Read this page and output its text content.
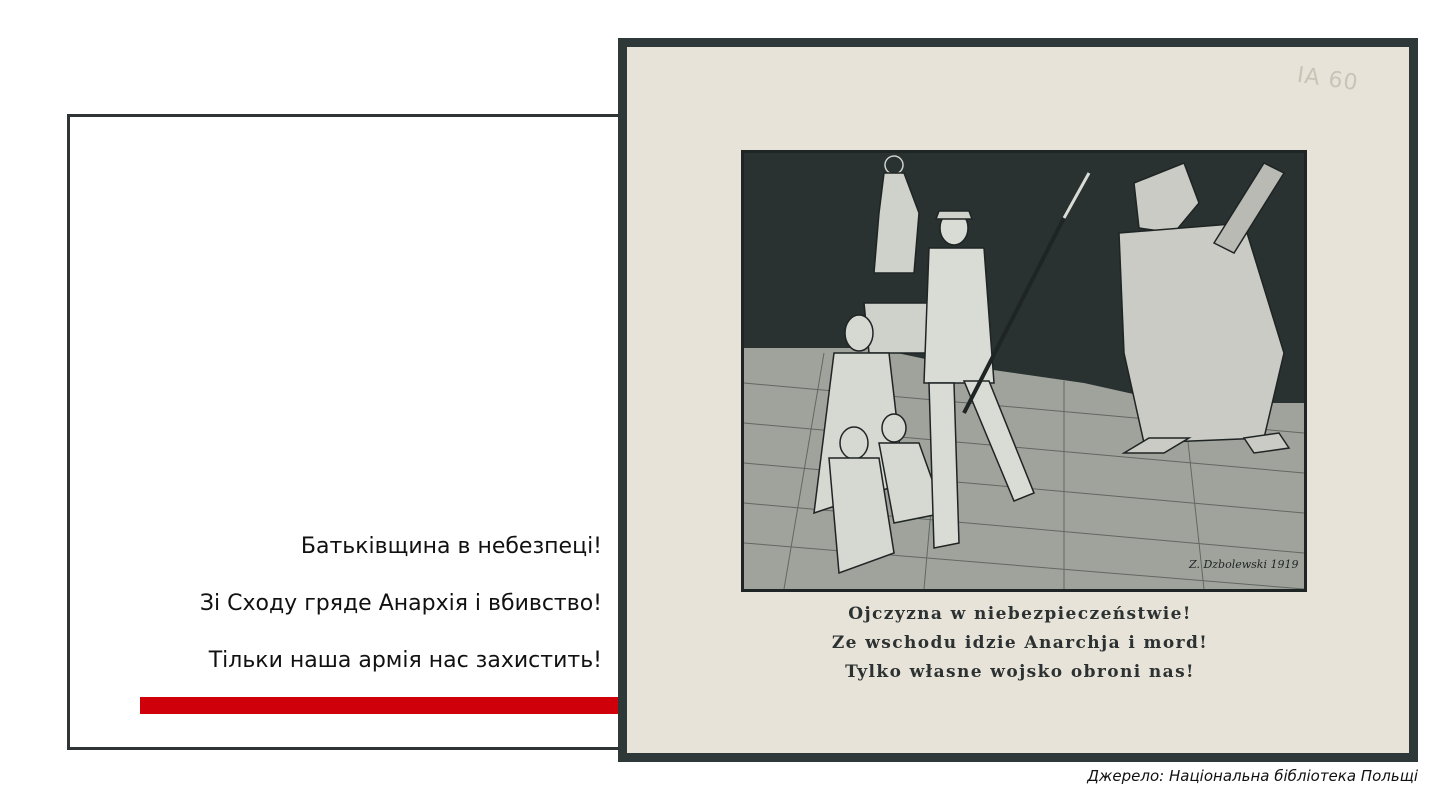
Батьківщина в небезпеці!

Зі Сходу гряде Анархія і вбивство!

Тільки наша армія нас захистить!

IA 60
Z. Dzbolewski 1919

Ojczyzna w niebezpieczeństwie!

Ze wschodu idzie Anarchja i mord!

Tylko własne wojsko obroni nas!

Джерело: Національна бібліотека Польщі
